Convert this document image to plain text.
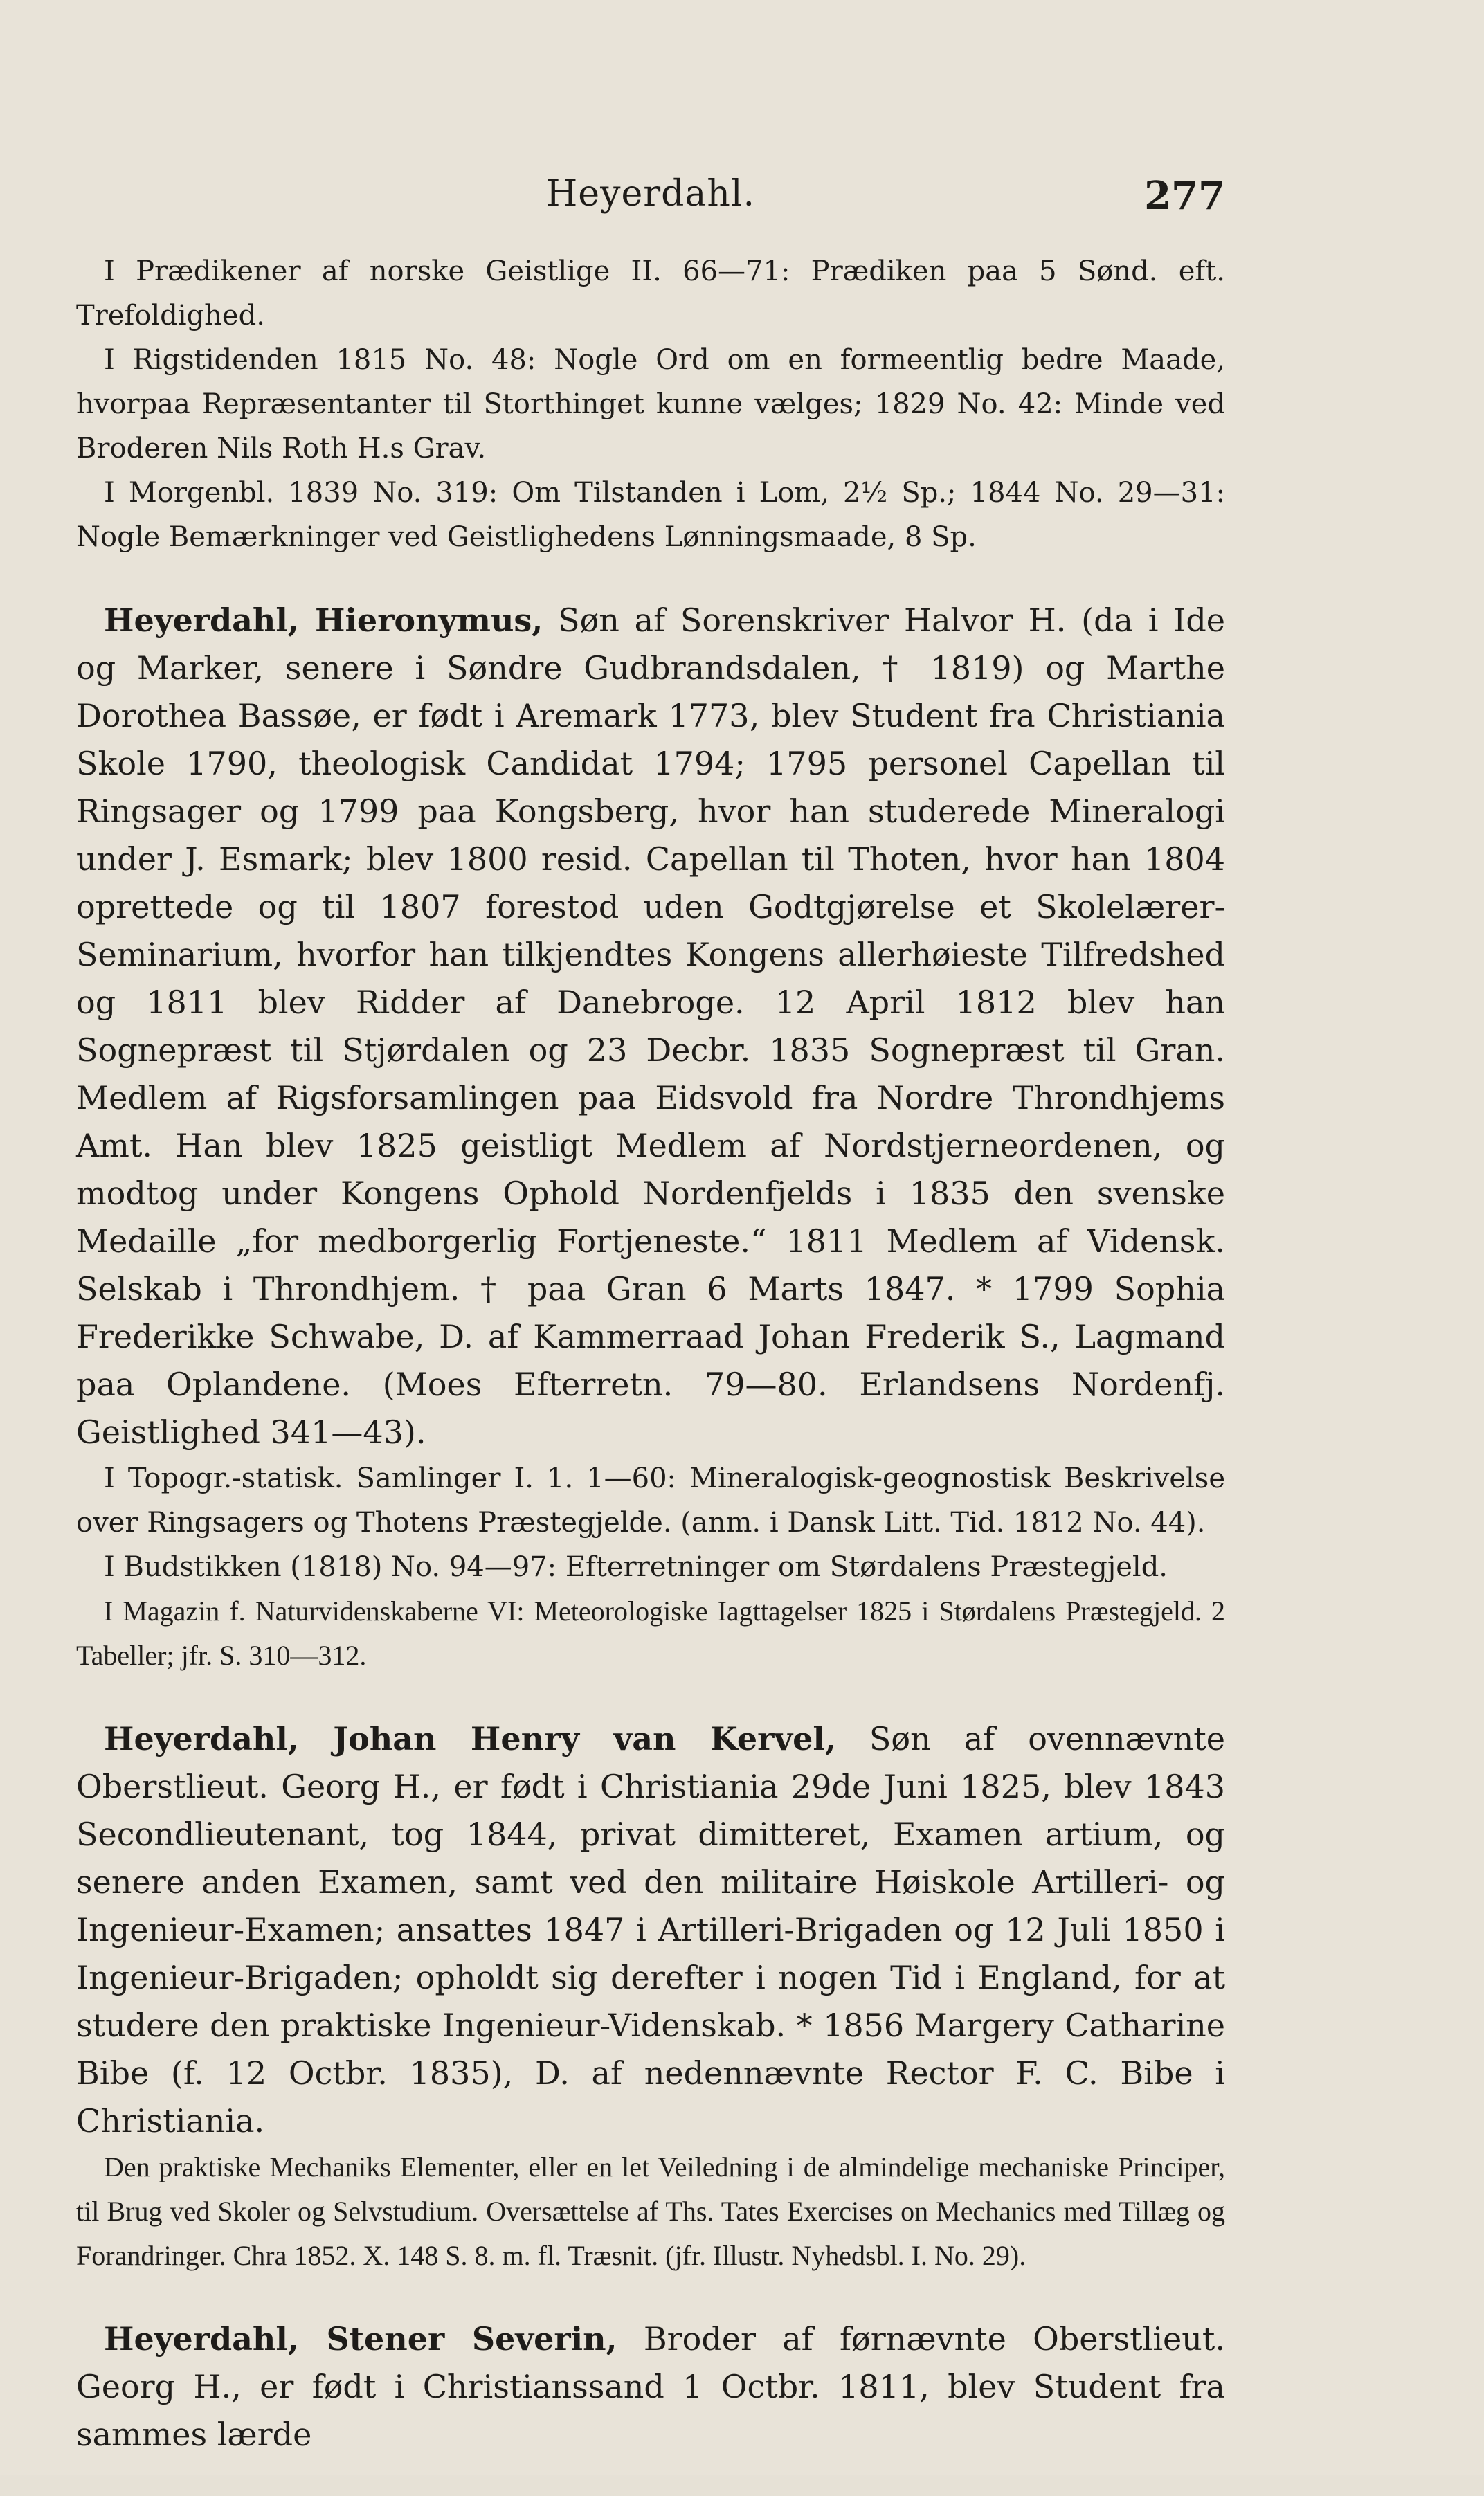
Heyerdahl.	277

I Prædikener af norske Geistlige II. 66—71: Prædiken paa 5 Sønd. eft. Trefoldighed.

I Rigstidenden 1815 No. 48: Nogle Ord om en formeentlig bedre Maade, hvorpaa Repræsentanter til Storthinget kunne vælges; 1829 No. 42: Minde ved Broderen Nils Roth H.s Grav.

I Morgenbl. 1839 No. 319: Om Tilstanden i Lom, 2½ Sp.; 1844 No. 29—31: Nogle Bemærkninger ved Geistlighedens Lønningsmaade, 8 Sp.

Heyerdahl, Hieronymus, Søn af Sorenskriver Halvor H. (da i Ide og Marker, senere i Søndre Gudbrandsdalen, † 1819) og Marthe Dorothea Bassøe, er født i Aremark 1773, blev Student fra Christiania Skole 1790, theologisk Candidat 1794; 1795 personel Capellan til Ringsager og 1799 paa Kongsberg, hvor han studerede Mineralogi under J. Esmark; blev 1800 resid. Capellan til Thoten, hvor han 1804 oprettede og til 1807 forestod uden Godtgjørelse et Skolelærer-Seminarium, hvorfor han tilkjendtes Kongens allerhøieste Tilfredshed og 1811 blev Ridder af Danebroge. 12 April 1812 blev han Sognepræst til Stjørdalen og 23 Decbr. 1835 Sognepræst til Gran. Medlem af Rigsforsamlingen paa Eidsvold fra Nordre Throndhjems Amt. Han blev 1825 geistligt Medlem af Nordstjerneordenen, og modtog under Kongens Ophold Nordenfjelds i 1835 den svenske Medaille „for medborgerlig Fortjeneste.“ 1811 Medlem af Vidensk. Selskab i Throndhjem. † paa Gran 6 Marts 1847. * 1799 Sophia Frederikke Schwabe, D. af Kammerraad Johan Frederik S., Lagmand paa Oplandene. (Moes Efterretn. 79—80. Erlandsens Nordenfj. Geistlighed 341—43).

I Topogr.-statisk. Samlinger I. 1. 1—60: Mineralogisk-geognostisk Beskrivelse over Ringsagers og Thotens Præstegjelde. (anm. i Dansk Litt. Tid. 1812 No. 44).

I Budstikken (1818) No. 94—97: Efterretninger om Størdalens Præstegjeld.

I Magazin f. Naturvidenskaberne VI: Meteorologiske Iagttagelser 1825 i Størdalens Præstegjeld. 2 Tabeller; jfr. S. 310—312.

Heyerdahl, Johan Henry van Kervel, Søn af ovennævnte Oberstlieut. Georg H., er født i Christiania 29de Juni 1825, blev 1843 Secondlieutenant, tog 1844, privat dimitteret, Examen artium, og senere anden Examen, samt ved den militaire Høiskole Artilleri- og Ingenieur-Examen; ansattes 1847 i Artilleri-Brigaden og 12 Juli 1850 i Ingenieur-Brigaden; opholdt sig derefter i nogen Tid i England, for at studere den praktiske Ingenieur-Videnskab. * 1856 Margery Catharine Bibe (f. 12 Octbr. 1835), D. af nedennævnte Rector F. C. Bibe i Christiania.

Den praktiske Mechaniks Elementer, eller en let Veiledning i de almindelige mechaniske Principer, til Brug ved Skoler og Selvstudium. Oversættelse af Ths. Tates Exercises on Mechanics med Tillæg og Forandringer. Chra 1852. X. 148 S. 8. m. fl. Træsnit. (jfr. Illustr. Nyhedsbl. I. No. 29).

Heyerdahl, Stener Severin, Broder af førnævnte Oberstlieut. Georg H., er født i Christianssand 1 Octbr. 1811, blev Student fra sammes lærde
